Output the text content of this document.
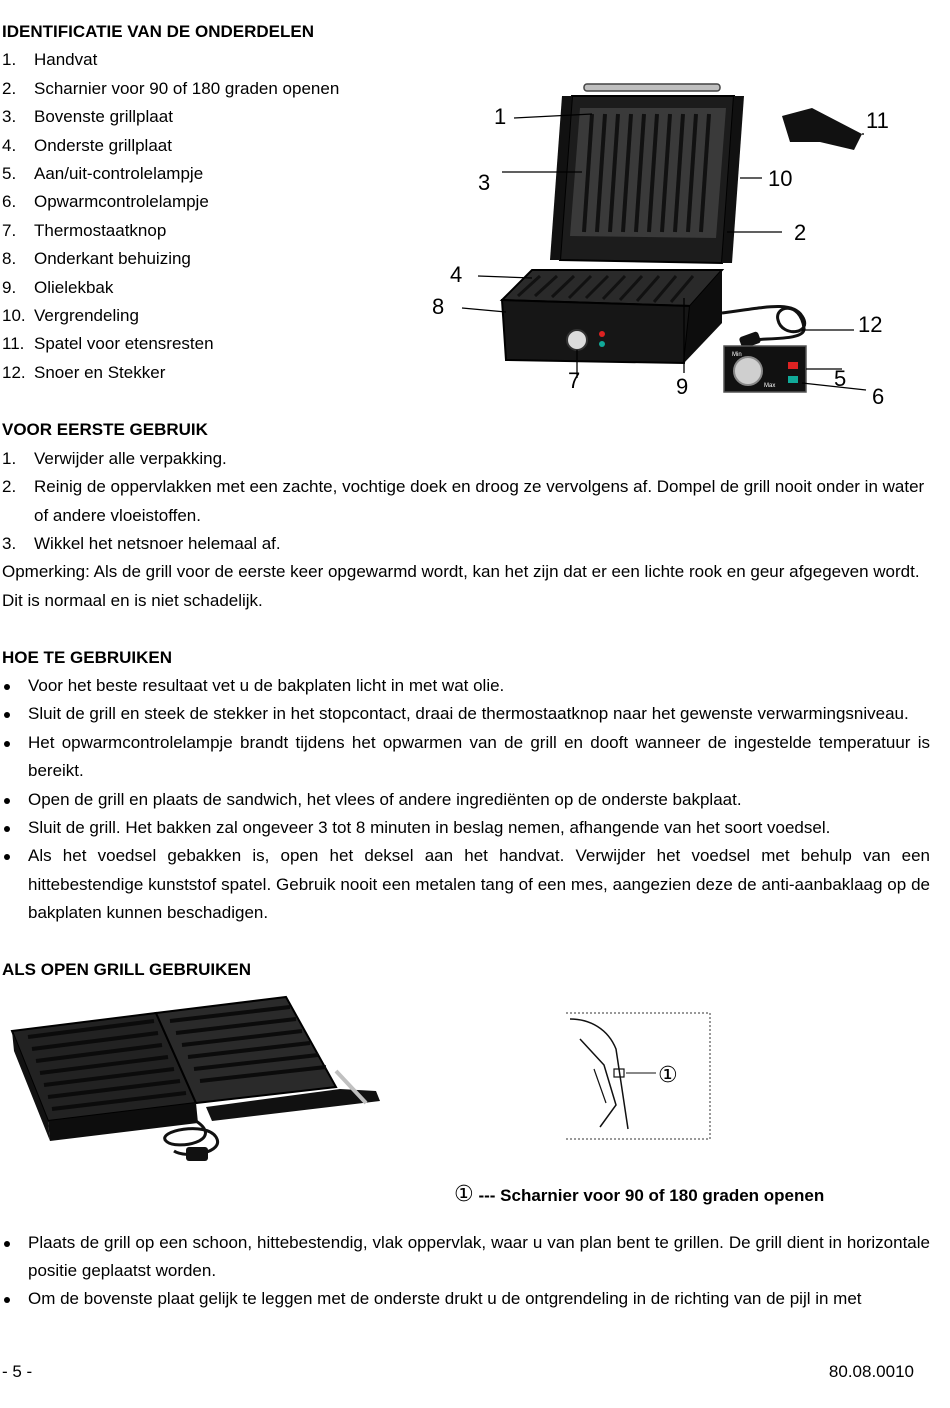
IDENTIFICATIE VAN DE ONDERDELEN

1.	Handvat
2.	Scharnier voor 90 of 180 graden openen
3.	Bovenste grillplaat
4.	Onderste grillplaat
5.	Aan/uit-controlelampje
6.	Opwarmcontrolelampje
7.	Thermostaatknop
8.	Onderkant behuizing
9.	Olielekbak
10. Vergrendeling
11. Spatel voor etensresten
12. Snoer en Stekker
Min
Max
1
2
3
4
5
6
7
8
9
10
11
12

VOOR EERSTE GEBRUIK

1.	Verwijder alle verpakking.
2.	Reinig de oppervlakken met een zachte, vochtige doek en droog ze vervolgens af. Dompel de grill nooit onder in water of andere vloeistoffen.
3.	Wikkel het netsnoer helemaal af.

Opmerking: Als de grill voor de eerste keer opgewarmd wordt, kan het zijn dat er een lichte rook en geur afgegeven wordt. Dit is normaal en is niet schadelijk.

HOE TE GEBRUIKEN

Voor het beste resultaat vet u de bakplaten licht in met wat olie.
Sluit de grill en steek de stekker in het stopcontact, draai de thermostaatknop naar het gewenste verwarmingsniveau.
Het opwarmcontrolelampje brandt tijdens het opwarmen van de grill en dooft wanneer de ingestelde temperatuur is bereikt.
Open de grill en plaats de sandwich, het vlees of andere ingrediënten op de onderste bakplaat.
Sluit de grill. Het bakken zal ongeveer 3 tot 8 minuten in beslag nemen, afhangende van het soort voedsel.
Als het voedsel gebakken is, open het deksel aan het handvat. Verwijder het voedsel met behulp van een hittebestendige kunststof spatel. Gebruik nooit een metalen tang of een mes, aangezien deze de anti-aanbaklaag op de bakplaten kunnen beschadigen.

ALS OPEN GRILL GEBRUIKEN

①
① --- Scharnier voor 90 of 180 graden openen
Plaats de grill op een schoon, hittebestendig, vlak oppervlak, waar u van plan bent te grillen. De grill dient in horizontale positie geplaatst worden.
Om de bovenste plaat gelijk te leggen met de onderste drukt u de ontgrendeling in de richting van de pijl in met
- 5 -	80.08.0010
